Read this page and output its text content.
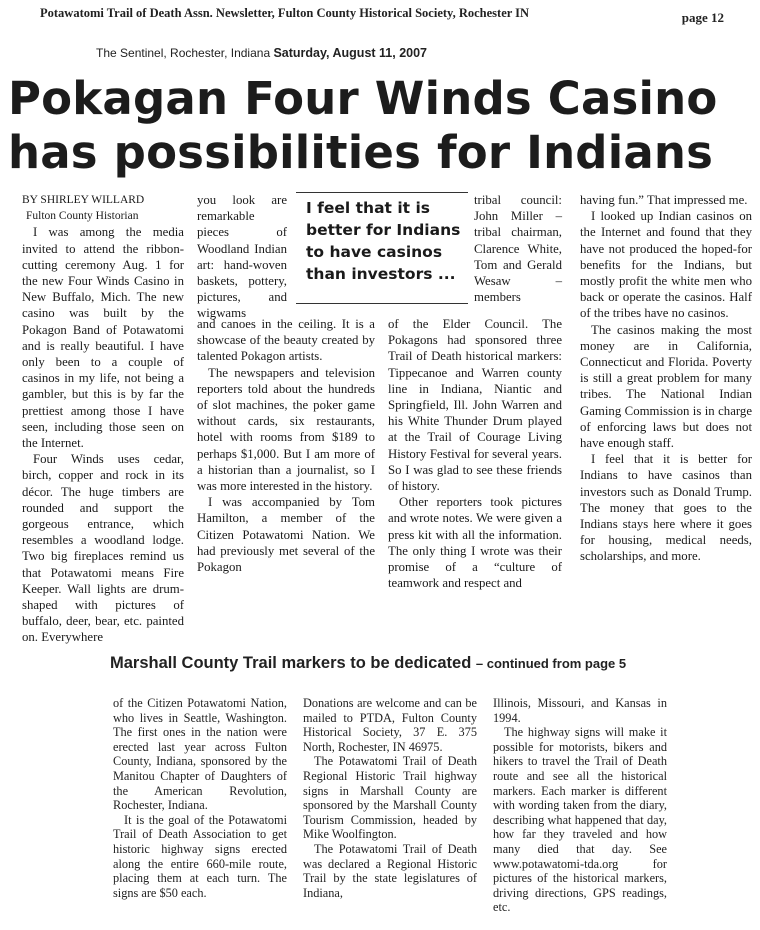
Potawatomi Trail of Death Assn. Newsletter, Fulton County Historical Society, Rochester IN	page 12
The Sentinel, Rochester, Indiana Saturday, August 11, 2007
Pokagan Four Winds Casino
has possibilities for Indians

BY SHIRLEY WILLARD

Fulton County Historian

I was among the media invited to attend the ribbon-cutting ceremony Aug. 1 for the new Four Winds Casino in New Buffalo, Mich. The new casino was built by the Pokagon Band of Potawatomi and is really beautiful. I have only been to a couple of casinos in my life, not being a gambler, but this is by far the prettiest among those I have seen, including those seen on the Internet.

Four Winds uses cedar, birch, copper and rock in its décor. The huge timbers are rounded and support the gorgeous entrance, which resembles a woodland lodge. Two big fireplaces remind us that Potawatomi means Fire Keeper. Wall lights are drum-shaped with pictures of buffalo, deer, bear, etc. painted on. Everywhere

you look are remarkable pieces of Woodland Indian art: hand-woven baskets, pottery, pictures, and wigwams

and canoes in the ceiling. It is a showcase of the beauty created by talented Pokagon artists.

The newspapers and television reporters told about the hundreds of slot machines, the poker game without cards, six restaurants, hotel with rooms from $189 to perhaps $1,000. But I am more of a historian than a journalist, so I was more interested in the history.

I was accompanied by Tom Hamilton, a member of the Citizen Potawatomi Nation. We had previously met several of the Pokagon

I feel that it is better for Indians to have casinos than investors ...

tribal council: John Miller – tribal chairman, Clarence White, Tom and Gerald Wesaw – members

of the Elder Council. The Pokagons had sponsored three Trail of Death historical markers: Tippecanoe and Warren county line in Indiana, Niantic and Springfield, Ill. John Warren and his White Thunder Drum played at the Trail of Courage Living History Festival for several years. So I was glad to see these friends of history.

Other reporters took pictures and wrote notes. We were given a press kit with all the information. The only thing I wrote was their promise of a “culture of teamwork and respect and

having fun.” That impressed me.

I looked up Indian casinos on the Internet and found that they have not produced the hoped-for benefits for the Indians, but mostly profit the white men who back or operate the casinos. Half of the tribes have no casinos.

The casinos making the most money are in California, Connecticut and Florida. Poverty is still a great problem for many tribes. The National Indian Gaming Commission is in charge of enforcing laws but does not have enough staff.

I feel that it is better for Indians to have casinos than investors such as Donald Trump. The money that goes to the Indians stays here where it goes for housing, medical needs, scholarships, and more.

Marshall County Trail markers to be dedicated – continued from page 5

of the Citizen Potawatomi Nation, who lives in Seattle, Washington. The first ones in the nation were erected last year across Fulton County, Indiana, sponsored by the Manitou Chapter of Daughters of the American Revolution, Rochester, Indiana.

It is the goal of the Potawatomi Trail of Death Association to get historic highway signs erected along the entire 660-mile route, placing them at each turn. The signs are $50 each.

Donations are welcome and can be mailed to PTDA, Fulton County Historical Society, 37 E. 375 North, Rochester, IN 46975.

The Potawatomi Trail of Death Regional Historic Trail highway signs in Marshall County are sponsored by the Marshall County Tourism Commission, headed by Mike Woolfington.

The Potawatomi Trail of Death was declared a Regional Historic Trail by the state legislatures of Indiana,

Illinois, Missouri, and Kansas in 1994.

The highway signs will make it possible for motorists, bikers and hikers to travel the Trail of Death route and see all the historical markers. Each marker is different with wording taken from the diary, describing what happened that day, how far they traveled and how many died that day. See www.potawatomi-tda.org for pictures of the historical markers, driving directions, GPS readings, etc.
